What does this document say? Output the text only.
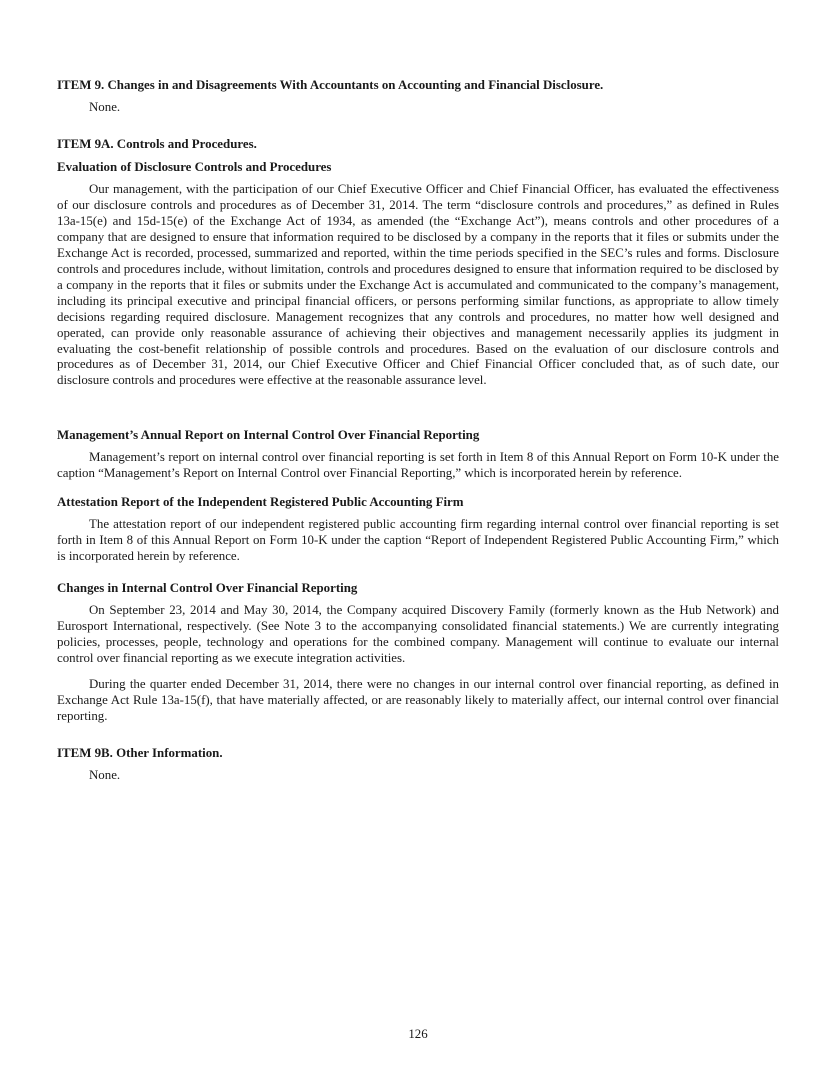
ITEM 9. Changes in and Disagreements With Accountants on Accounting and Financial Disclosure.

None.

ITEM 9A. Controls and Procedures.
Evaluation of Disclosure Controls and Procedures

Our management, with the participation of our Chief Executive Officer and Chief Financial Officer, has evaluated the effectiveness of our disclosure controls and procedures as of December 31, 2014. The term “disclosure controls and procedures,” as defined in Rules 13a-15(e) and 15d-15(e) of the Exchange Act of 1934, as amended (the “Exchange Act”), means controls and other procedures of a company that are designed to ensure that information required to be disclosed by a company in the reports that it files or submits under the Exchange Act is recorded, processed, summarized and reported, within the time periods specified in the SEC’s rules and forms. Disclosure controls and procedures include, without limitation, controls and procedures designed to ensure that information required to be disclosed by a company in the reports that it files or submits under the Exchange Act is accumulated and communicated to the company’s management, including its principal executive and principal financial officers, or persons performing similar functions, as appropriate to allow timely decisions regarding required disclosure. Management recognizes that any controls and procedures, no matter how well designed and operated, can provide only reasonable assurance of achieving their objectives and management necessarily applies its judgment in evaluating the cost-benefit relationship of possible controls and procedures. Based on the evaluation of our disclosure controls and procedures as of December 31, 2014, our Chief Executive Officer and Chief Financial Officer concluded that, as of such date, our disclosure controls and procedures were effective at the reasonable assurance level.

Management’s Annual Report on Internal Control Over Financial Reporting

Management’s report on internal control over financial reporting is set forth in Item 8 of this Annual Report on Form 10-K under the caption “Management’s Report on Internal Control over Financial Reporting,” which is incorporated herein by reference.

Attestation Report of the Independent Registered Public Accounting Firm

The attestation report of our independent registered public accounting firm regarding internal control over financial reporting is set forth in Item 8 of this Annual Report on Form 10-K under the caption “Report of Independent Registered Public Accounting Firm,” which is incorporated herein by reference.

Changes in Internal Control Over Financial Reporting

On September 23, 2014 and May 30, 2014, the Company acquired Discovery Family (formerly known as the Hub Network) and Eurosport International, respectively. (See Note 3 to the accompanying consolidated financial statements.) We are currently integrating policies, processes, people, technology and operations for the combined company. Management will continue to evaluate our internal control over financial reporting as we execute integration activities.

During the quarter ended December 31, 2014, there were no changes in our internal control over financial reporting, as defined in Exchange Act Rule 13a-15(f), that have materially affected, or are reasonably likely to materially affect, our internal control over financial reporting.

ITEM 9B. Other Information.

None.

126
